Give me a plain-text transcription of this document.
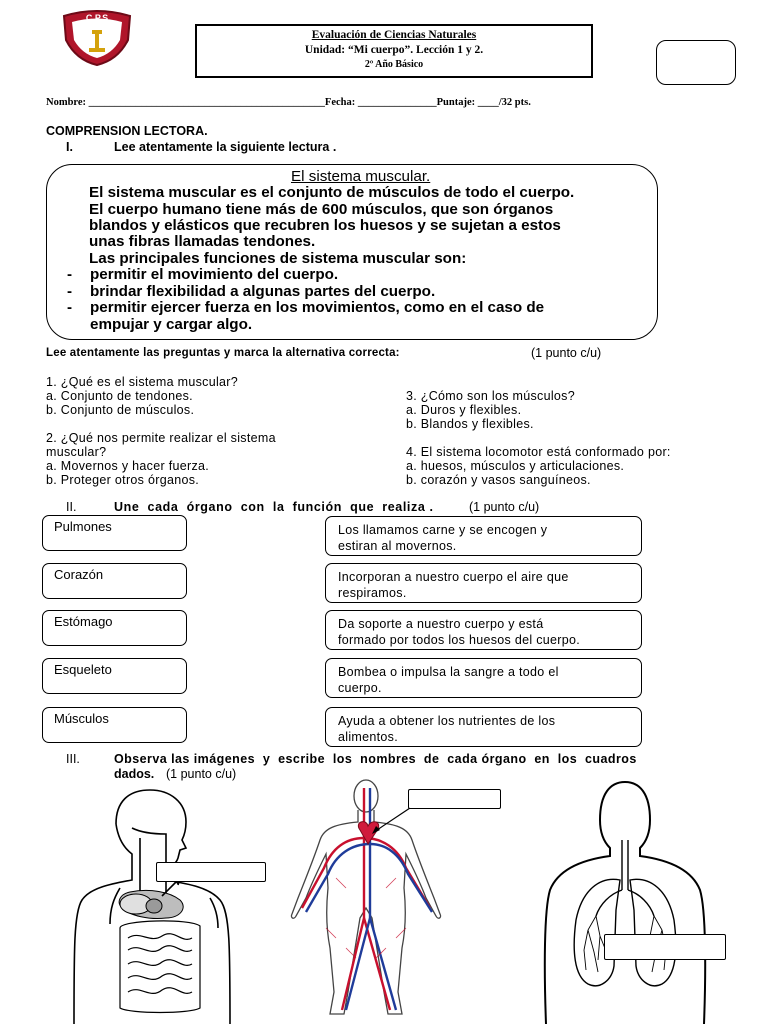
C.P.S
Evaluación de Ciencias Naturales
Unidad: “Mi cuerpo”. Lección 1 y 2.
2º Año Básico
Nombre: _____________________________________________Fecha: _______________Puntaje: ____/32 pts.
COMPRENSION LECTORA.
I.	Lee atentamente la siguiente lectura .
El sistema muscular.
El sistema muscular es el conjunto de músculos de todo el cuerpo.
El cuerpo humano tiene más de 600 músculos, que son órganos
blandos y elásticos que recubren los huesos y se sujetan a estos
unas fibras llamadas tendones.
Las principales funciones de sistema muscular son:
- permitir el movimiento del cuerpo.
- brindar flexibilidad a algunas partes del cuerpo.
- permitir ejercer fuerza en los movimientos, como en el caso de
empujar y cargar algo.
Lee atentamente las preguntas y marca la alternativa correcta:	(1 punto c/u)
1. ¿Qué es el sistema muscular?
a. Conjunto de tendones.
b. Conjunto de músculos.
2. ¿Qué nos permite realizar el sistema
muscular?
a. Movernos y hacer fuerza.
b. Proteger otros órganos.
3. ¿Cómo son los músculos?
a. Duros y flexibles.
b. Blandos y flexibles.
4. El sistema locomotor está conformado por:
a. huesos, músculos y articulaciones.
b. corazón y vasos sanguíneos.
II.	Une  cada  órgano  con  la  función  que  realiza .	(1 punto c/u)
Pulmones
Corazón
Estómago
Esqueleto
Músculos
Los llamamos carne y se encogen y
estiran al movernos.
Incorporan a nuestro cuerpo el aire que
respiramos.
Da soporte a nuestro cuerpo y está
formado por todos los huesos del cuerpo.
Bombea o impulsa la sangre a todo el
cuerpo.
Ayuda a obtener los nutrientes de los
alimentos.
III.	Observa las imágenes  y  escribe  los  nombres  de  cada órgano  en  los  cuadros
dados. (1 punto c/u)
